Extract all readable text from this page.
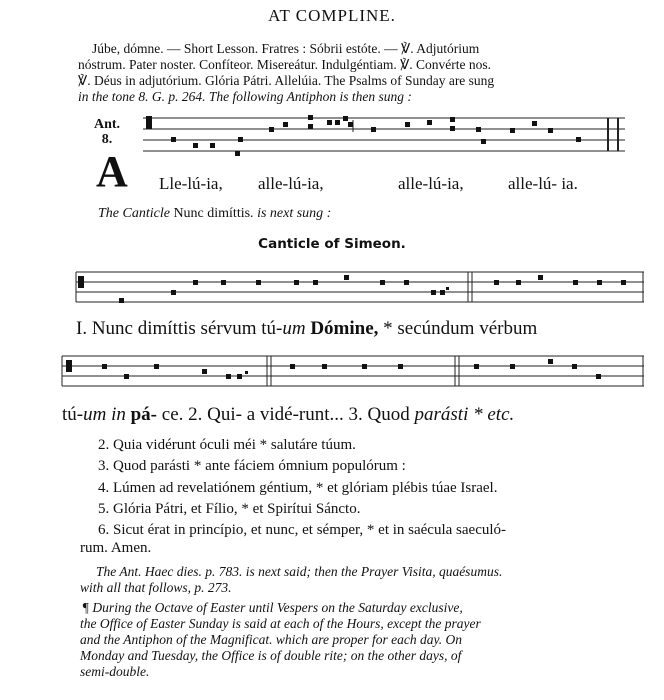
AT COMPLINE.
Júbe, dómne. — Short Lesson. Fratres : Sóbrii estóte. — ℣. Adjutórium
nóstrum. Pater noster. Confíteor. Misereátur. Indulgéntiam. ℣. Convérte nos.
℣. Déus in adjutórium. Glória Pátri. Allelúia. The Psalms of Sunday are sung
in the tone 8. G. p. 264. The following Antiphon is then sung :
Ant.
8.
A Lle-lú-ia, alle-lú-ia,	alle-lú-ia,	alle-lú- ia.
The Canticle Nunc dimíttis. is next sung :
Canticle of Simeon.
I. Nunc dimíttis sérvum tú-um Dómine, * secúndum vérbum
tú-um in pá- ce. 2. Qui- a vidé-runt... 3. Quod parásti * etc.
2. Quia vidérunt óculi méi * salutáre túum.
3. Quod parásti * ante fáciem ómnium populórum :
4. Lúmen ad revelatiónem géntium, * et glóriam plébis túae Israel.
5. Glória Pátri, et Fílio, * et Spirítui Sáncto.
6. Sicut érat in princípio, et nunc, et sémper, * et in saécula saeculó-
rum. Amen.
The Ant. Haec dies. p. 783. is next said; then the Prayer Visita, quaésumus.
with all that follows, p. 273.
¶ During the Octave of Easter until Vespers on the Saturday exclusive,
the Office of Easter Sunday is said at each of the Hours, except the prayer
and the Antiphon of the Magnificat. which are proper for each day. On
Monday and Tuesday, the Office is of double rite; on the other days, of
semi-double.
